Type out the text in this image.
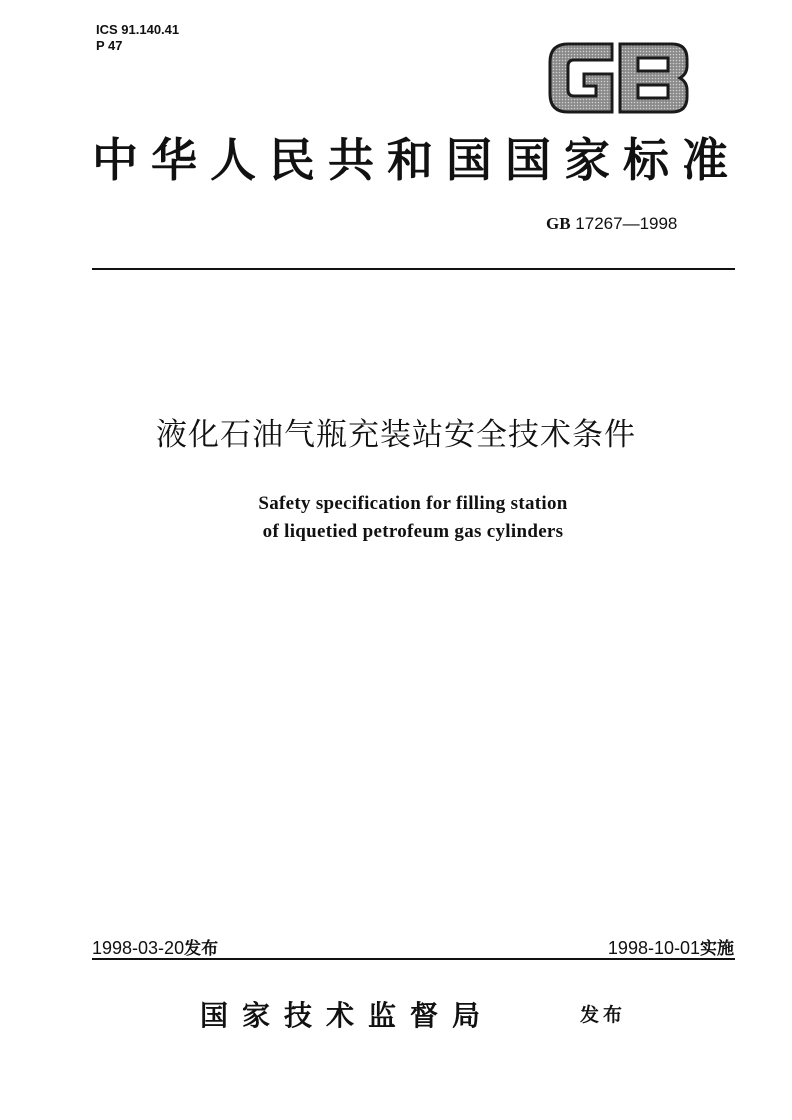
ICS 91.140.41
P 47
中华人民共和国国家标准
GB 17267—1998
液化石油气瓶充装站安全技术条件
Safety specification for filling station
of liquetied petrofeum gas cylinders
1998-03-20发布	1998-10-01实施
国家技术监督局	发布
